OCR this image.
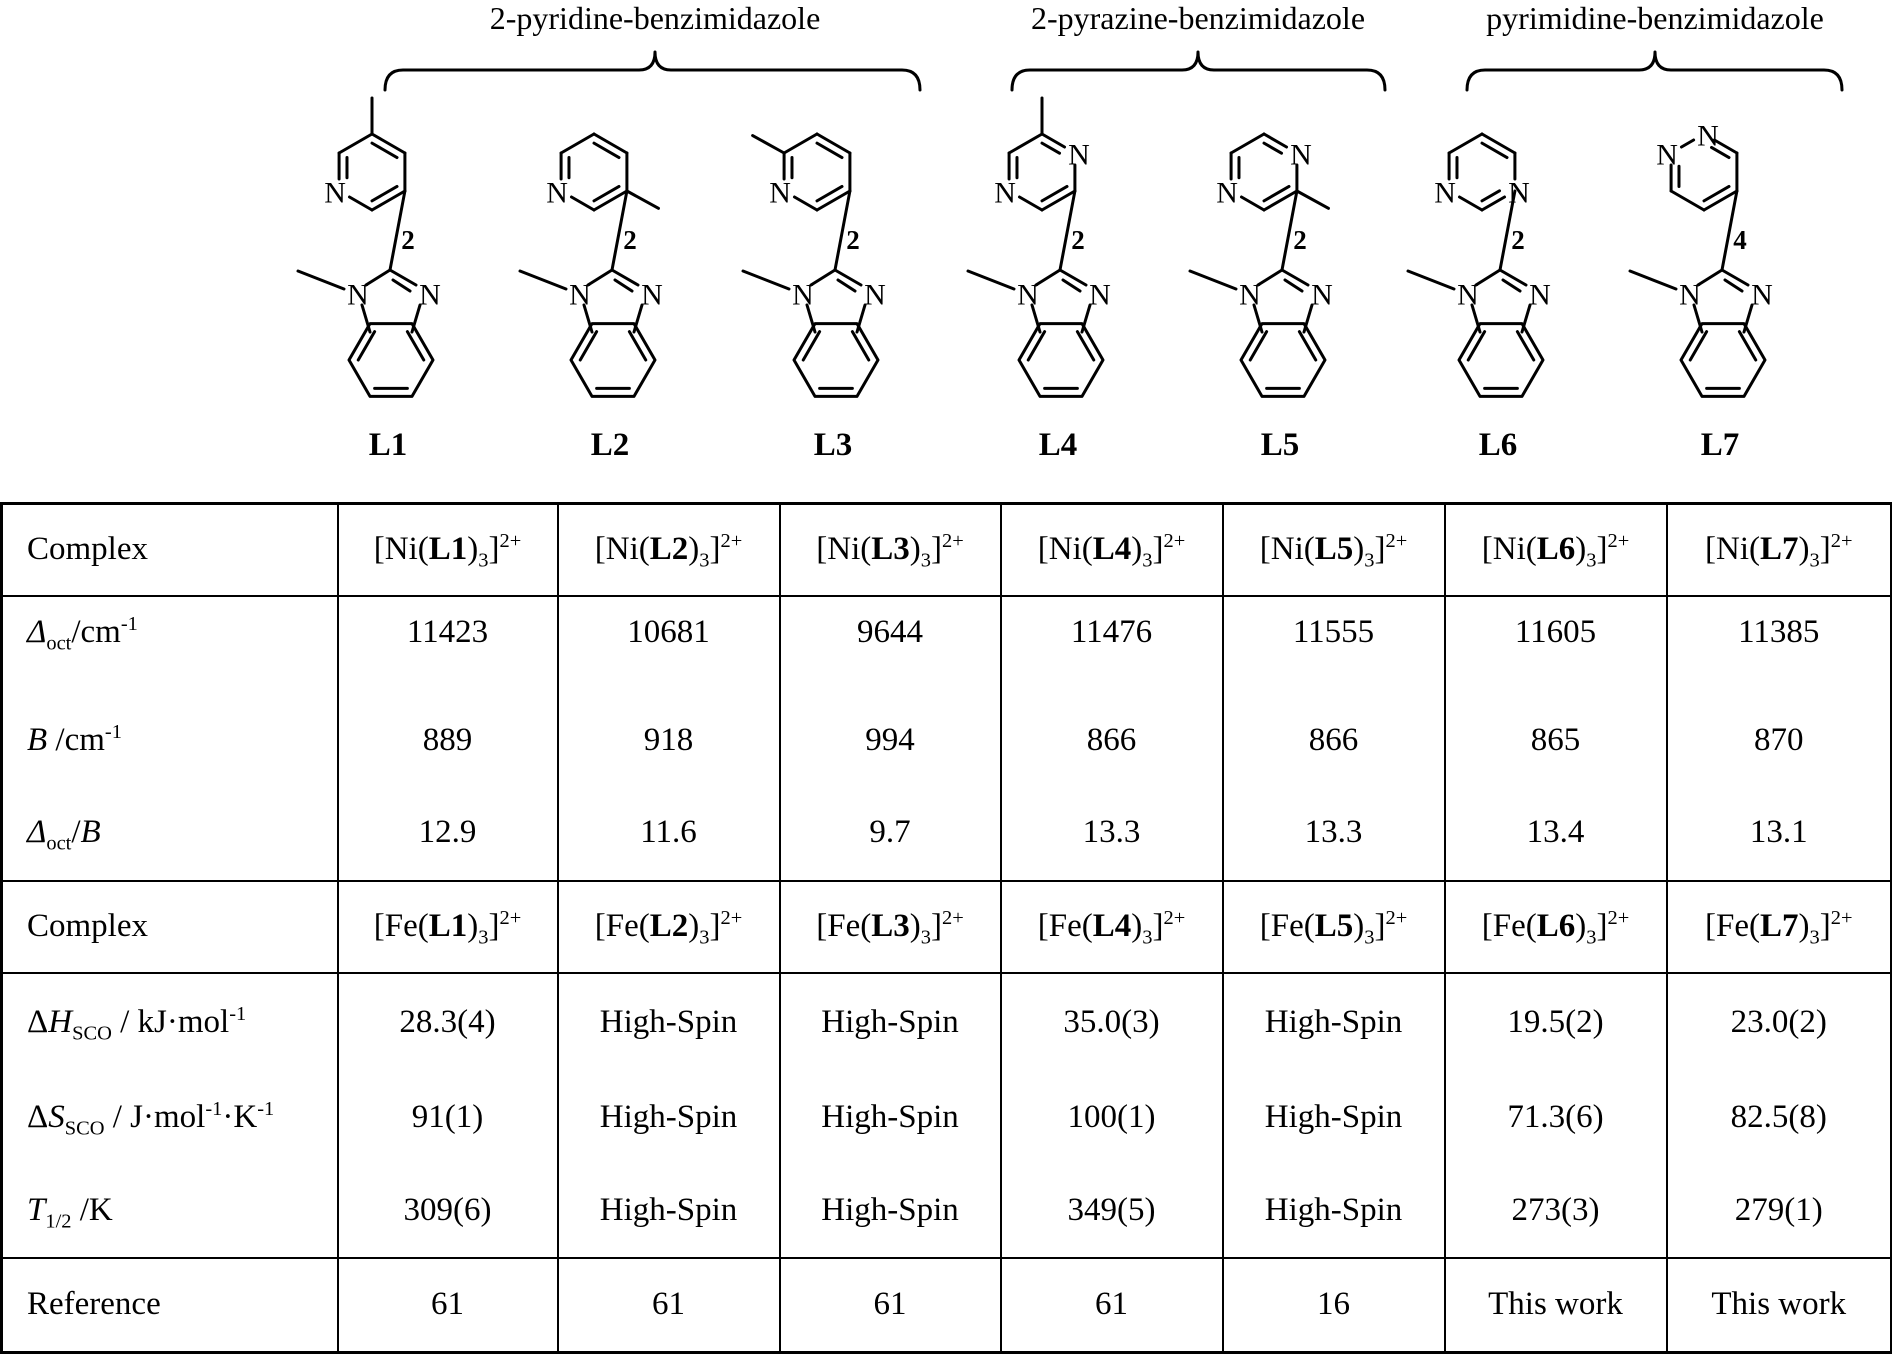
2-pyridine-benzimidazole	2-pyrazine-benzimidazole	pyrimidine-benzimidazole
N N
N
2
L1
N N
N
2
L2
N N
N
2
L3
N N
N
N
2
L4
N N
N
N
2
L5
N N
N N
2
L6
N N
N
N
4
L7
Complex	$[Ni(L1)_3]^{2+}$	$[Ni(L2)_3]^{2+}$	$[Ni(L3)_3]^{2+}$	$[Ni(L4)_3]^{2+}$	$[Ni(L5)_3]^{2+}$	$[Ni(L6)_3]^{2+}$	$[Ni(L7)_3]^{2+}$
$\Delta_{oct}/cm^{-1}$	11423	10681	9644	11476	11555	11605	11385
B $/cm^{-1}$	889	918	994	866	866	865	870
$\Delta_{oct}/B$	12.9	11.6	9.7	13.3	13.3	13.4	13.1
Complex	$[Fe(L1)_3]^{2+}$	$[Fe(L2)_3]^{2+}$	$[Fe(L3)_3]^{2+}$	$[Fe(L4)_3]^{2+}$	$[Fe(L5)_3]^{2+}$	$[Fe(L6)_3]^{2+}$	$[Fe(L7)_3]^{2+}$
$\Delta H_{SCO} / kJ\cdot mol^{-1}$	28.3(4)	High-Spin	High-Spin	35.0(3)	High-Spin	19.5(2)	23.0(2)
$\Delta S_{SCO} / J\cdot mol^{-1}\cdot K^{-1}$	91(1)	High-Spin	High-Spin	100(1)	High-Spin	71.3(6)	82.5(8)
$T_{1/2}$ /K	309(6)	High-Spin	High-Spin	349(5)	High-Spin	273(3)	279(1)
Reference	61	61	61	61	16	This work	This work
